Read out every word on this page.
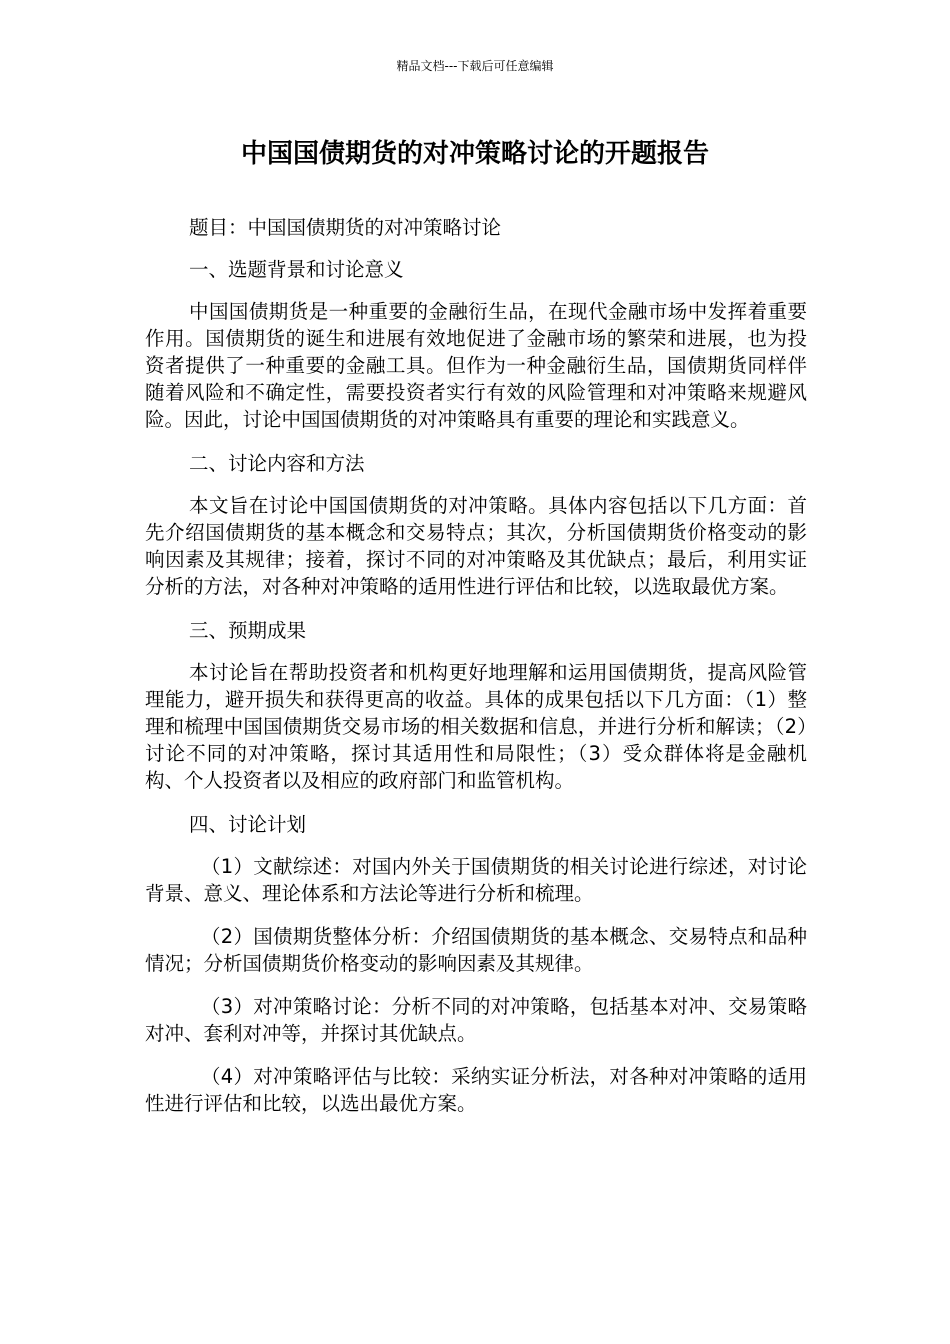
精品文档---下载后可任意编辑
中国国债期货的对冲策略讨论的开题报告

题目：中国国债期货的对冲策略讨论

一、选题背景和讨论意义

中国国债期货是一种重要的金融衍生品，在现代金融市场中发挥着重要作用。国债期货的诞生和进展有效地促进了金融市场的繁荣和进展，也为投资者提供了一种重要的金融工具。但作为一种金融衍生品，国债期货同样伴随着风险和不确定性，需要投资者实行有效的风险管理和对冲策略来规避风险。因此，讨论中国国债期货的对冲策略具有重要的理论和实践意义。

二、讨论内容和方法

本文旨在讨论中国国债期货的对冲策略。具体内容包括以下几方面：首先介绍国债期货的基本概念和交易特点；其次，分析国债期货价格变动的影响因素及其规律；接着，探讨不同的对冲策略及其优缺点；最后，利用实证分析的方法，对各种对冲策略的适用性进行评估和比较，以选取最优方案。

三、预期成果

本讨论旨在帮助投资者和机构更好地理解和运用国债期货，提高风险管理能力，避开损失和获得更高的收益。具体的成果包括以下几方面：（1）整理和梳理中国国债期货交易市场的相关数据和信息，并进行分析和解读；（2）讨论不同的对冲策略，探讨其适用性和局限性；（3）受众群体将是金融机构、个人投资者以及相应的政府部门和监管机构。

四、讨论计划

（1）文献综述：对国内外关于国债期货的相关讨论进行综述，对讨论背景、意义、理论体系和方法论等进行分析和梳理。

（2）国债期货整体分析：介绍国债期货的基本概念、交易特点和品种情况；分析国债期货价格变动的影响因素及其规律。

（3）对冲策略讨论：分析不同的对冲策略，包括基本对冲、交易策略对冲、套利对冲等，并探讨其优缺点。

（4）对冲策略评估与比较：采纳实证分析法，对各种对冲策略的适用性进行评估和比较，以选出最优方案。
